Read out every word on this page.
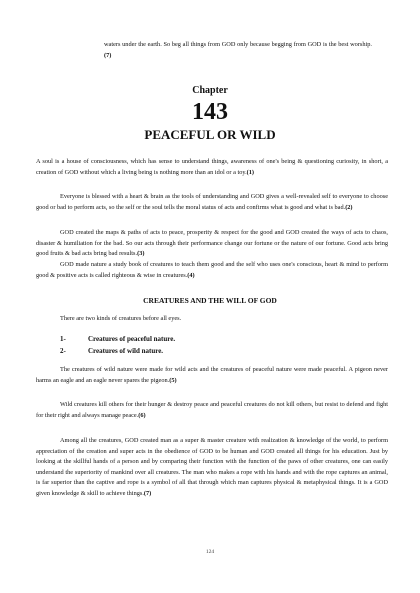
waters under the earth. So beg all things from GOD only because begging from GOD is the best worship.(7)

Chapter
143
PEACEFUL OR WILD

A soul is a house of consciousness, which has sense to understand things, awareness of one's being & questioning curiosity, in short, a creation of GOD without which a living being is nothing more than an idol or a toy.(1)

Everyone is blessed with a heart & brain as the tools of understanding and GOD gives a well-revealed self to everyone to choose good or bad to perform acts, so the self or the soul tells the moral status of acts and confirms what is good and what is bad.(2)

GOD created the maps & paths of acts to peace, prosperity & respect for the good and GOD created the ways of acts to chaos, disaster & humiliation for the bad. So our acts through their performance change our fortune or the nature of our fortune. Good acts bring good fruits & bad acts bring bad results.(3)

GOD made nature a study book of creatures to teach them good and the self who uses one's conscious, heart & mind to perform good & positive acts is called righteous & wise in creatures.(4)

CREATURES AND THE WILL OF GOD

There are two kinds of creatures before all eyes.

1-	Creatures of peaceful nature.
2-	Creatures of wild nature.

The creatures of wild nature were made for wild acts and the creatures of peaceful nature were made peaceful. A pigeon never harms an eagle and an eagle never spares the pigeon.(5)

Wild creatures kill others for their hunger & destroy peace and peaceful creatures do not kill others, but resist to defend and fight for their right and always manage peace.(6)

Among all the creatures, GOD created man as a super & master creature with realization & knowledge of the world, to perform appreciation of the creation and super acts in the obedience of GOD to be human and GOD created all things for his education. Just by looking at the skillful hands of a person and by comparing their function with the function of the paws of other creatures, one can easily understand the superiority of mankind over all creatures. The man who makes a rope with his hands and with the rope captures an animal, is far superior than the captive and rope is a symbol of all that through which man captures physical & metaphysical things. It is a GOD given knowledge & skill to achieve things.(7)

124
